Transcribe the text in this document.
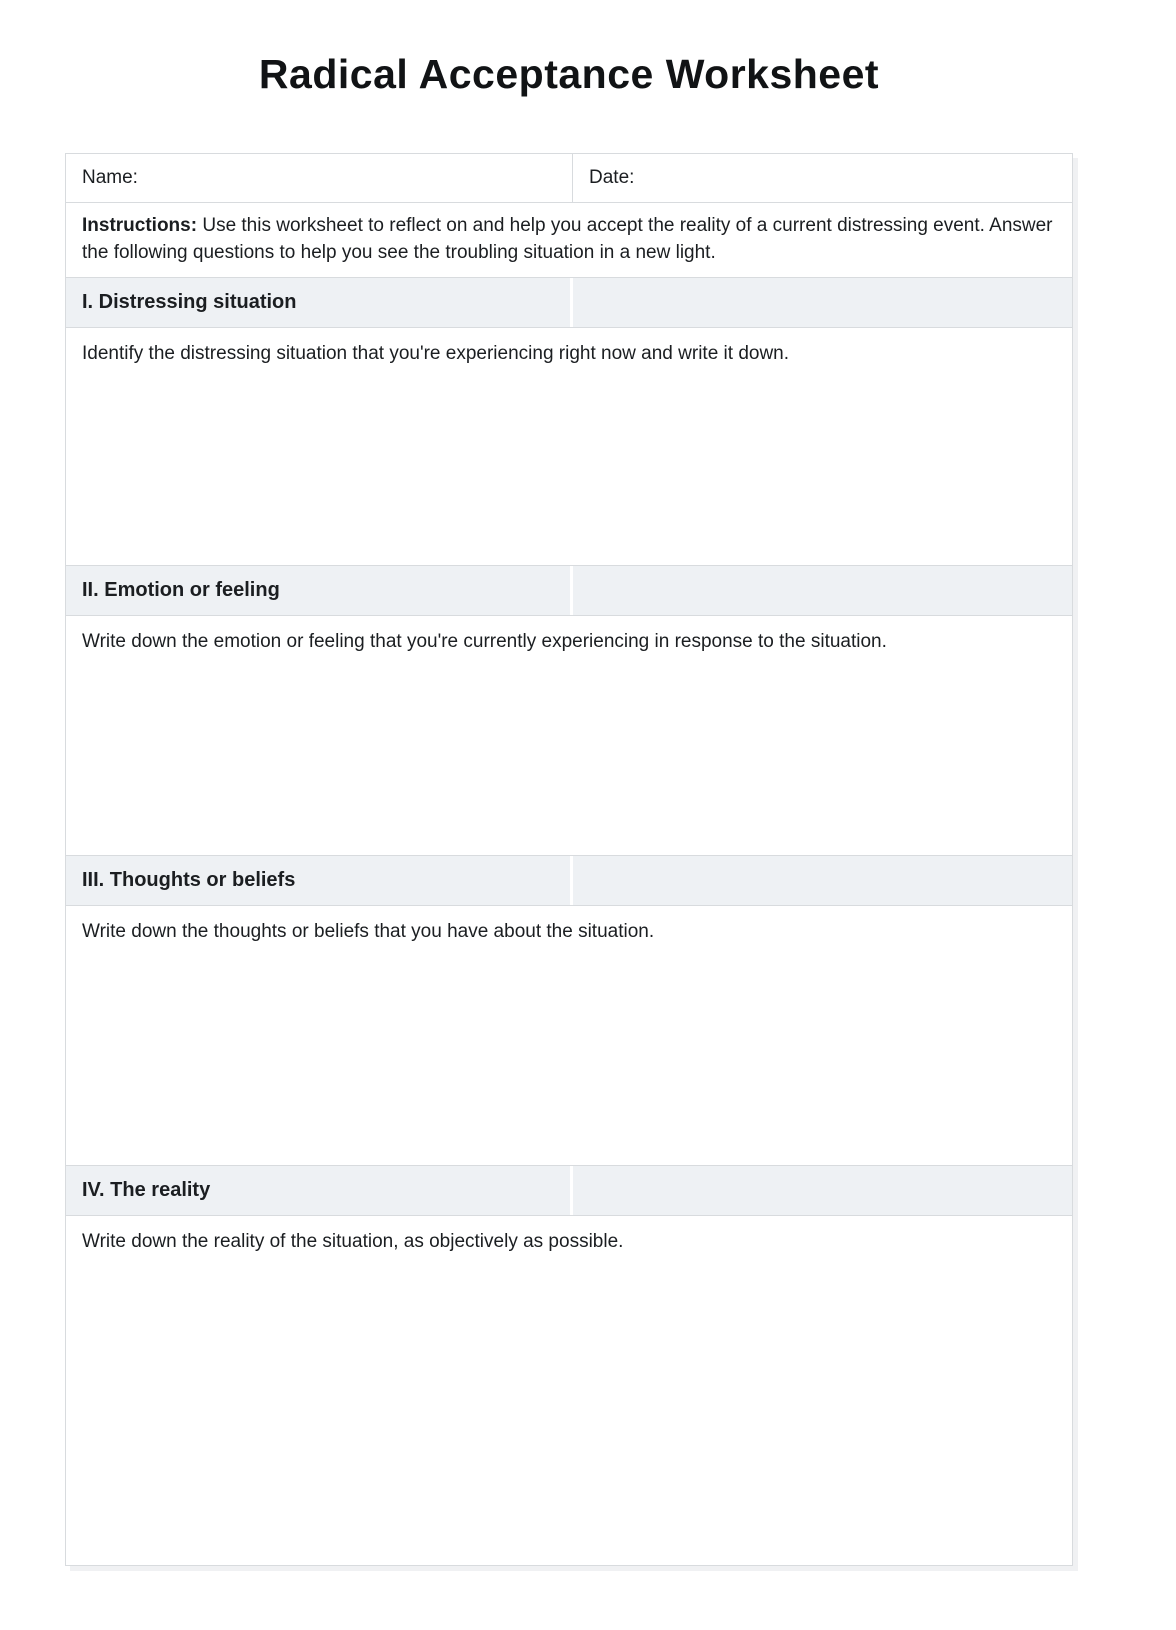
Radical Acceptance Worksheet
Name:	Date:
Instructions: Use this worksheet to reflect on and help you accept the reality of a current distressing event. Answer the following questions to help you see the troubling situation in a new light.
I. Distressing situation
Identify the distressing situation that you're experiencing right now and write it down.
II. Emotion or feeling
Write down the emotion or feeling that you're currently experiencing in response to the situation.
III. Thoughts or beliefs
Write down the thoughts or beliefs that you have about the situation.
IV. The reality
Write down the reality of the situation, as objectively as possible.
